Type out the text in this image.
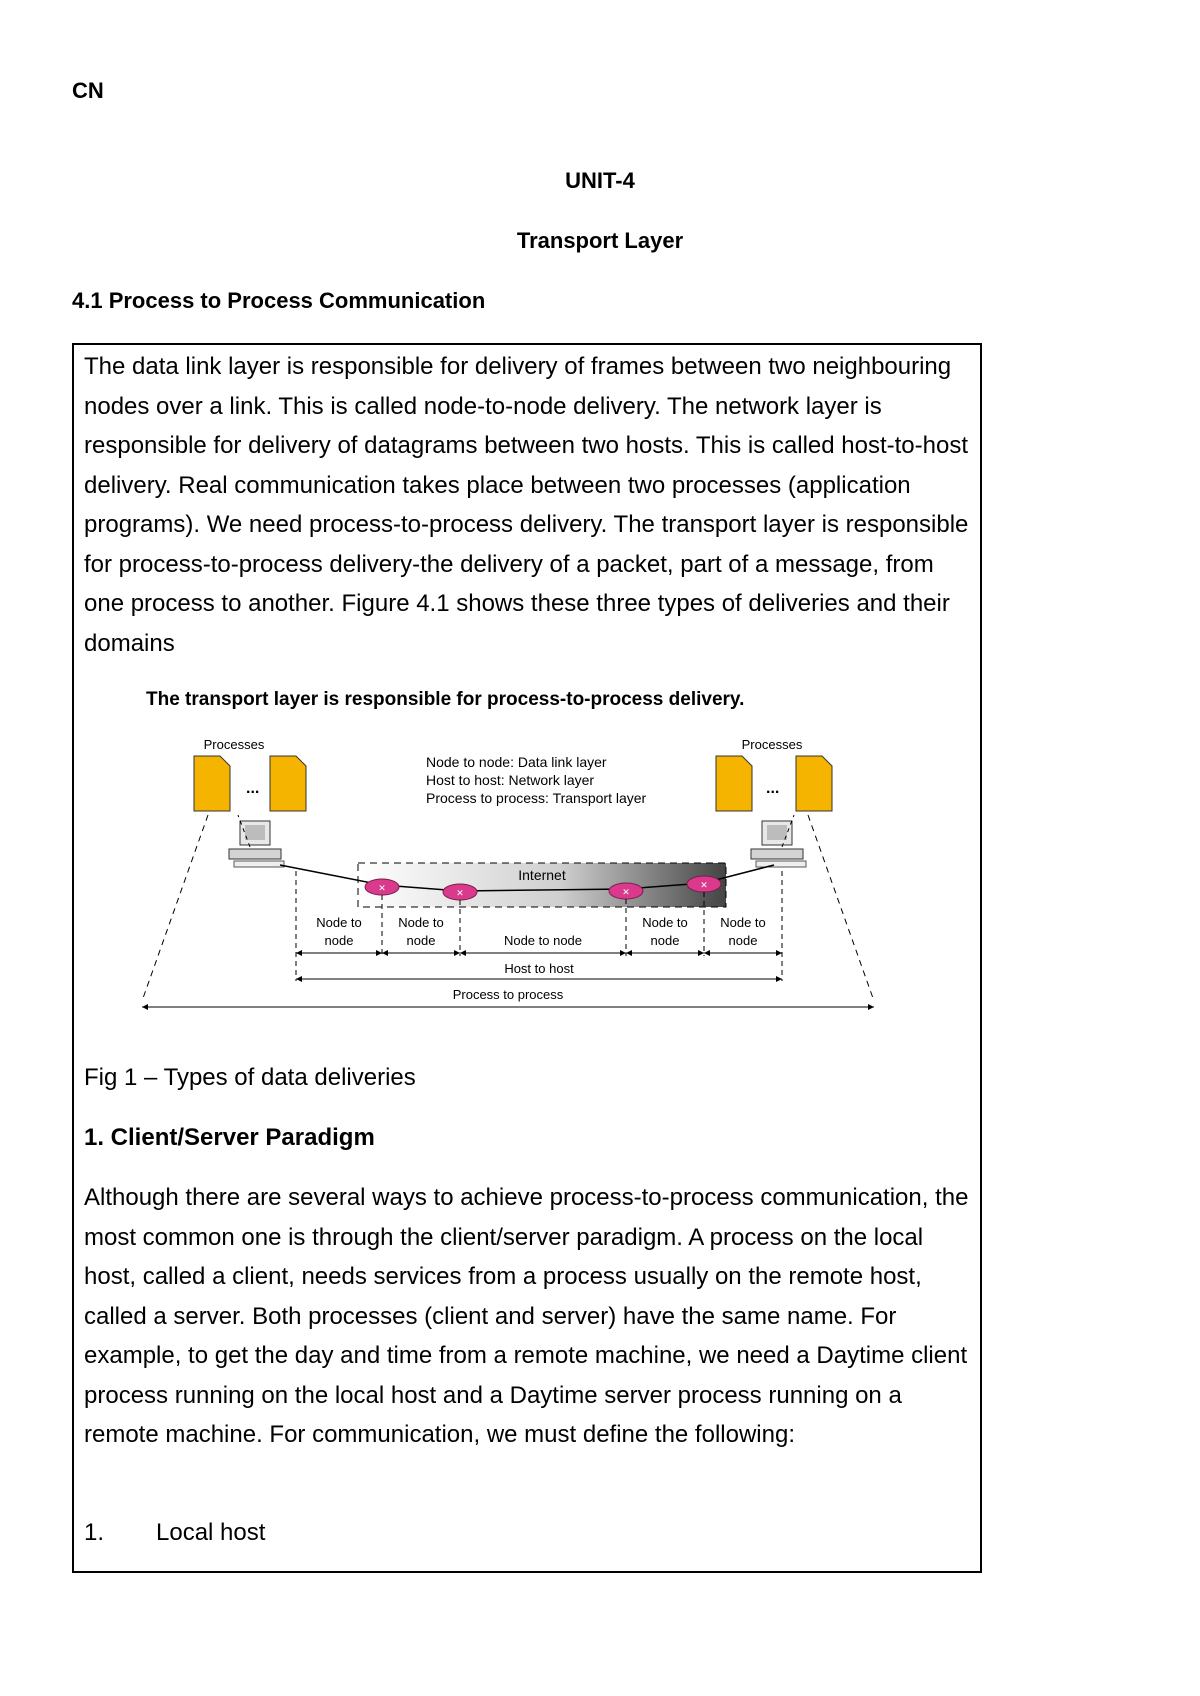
CN
UNIT-4
Transport Layer
4.1 Process to Process Communication

The data link layer is responsible for delivery of frames between two neighbouring nodes over a link. This is called node-to-node delivery. The network layer is responsible for delivery of datagrams between two hosts. This is called host-to-host delivery. Real communication takes place between two processes (application programs). We need process-to-process delivery. The transport layer is responsible for process-to-process delivery-the delivery of a packet, part of a message, from one process to another. Figure 4.1 shows these three types of deliveries and their domains

The transport layer is responsible for process-to-process delivery.
Processes
...
Processes
...
Node to node: Data link layer
Host to host: Network layer
Process to process: Transport layer
Internet
✕	✕	✕
✕
Node to
node
Node to
node	Node to node
Node to
node
Node to
node
Host to host
Process to process

Fig 1 – Types of data deliveries

1. Client/Server Paradigm

Although there are several ways to achieve process-to-process communication, the most common one is through the client/server paradigm. A process on the local host, called a client, needs services from a process usually on the remote host, called a server. Both processes (client and server) have the same name. For example, to get the day and time from a remote machine, we need a Daytime client process running on the local host and a Daytime server process running on a remote machine. For communication, we must define the following:

1. Local host
